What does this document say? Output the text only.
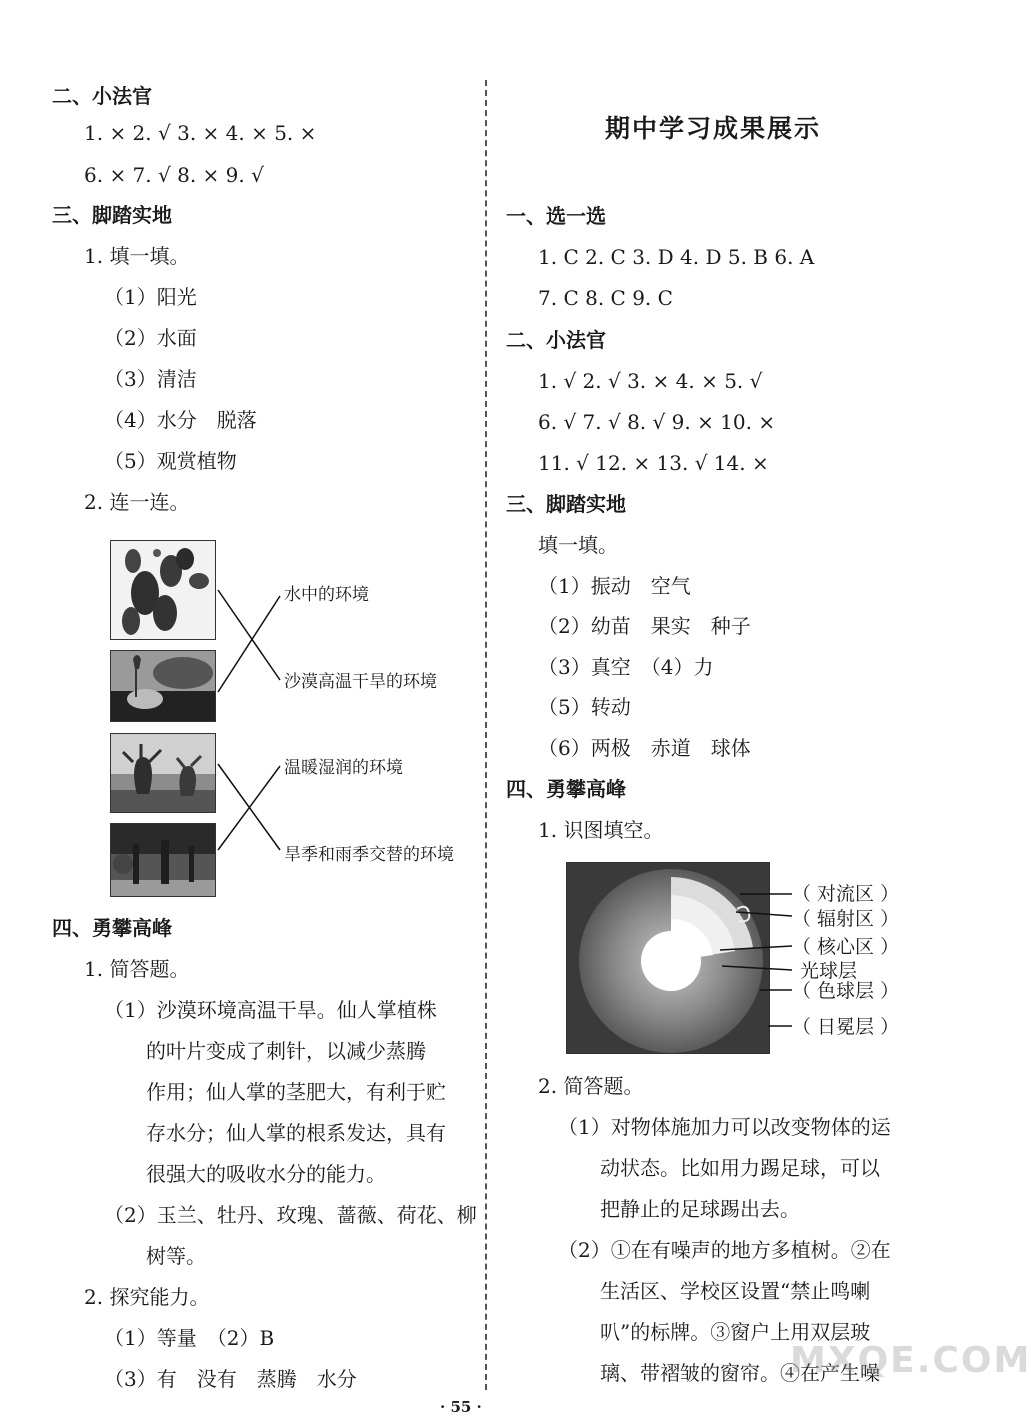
二、小法官
1. × 2. √ 3. × 4. × 5. ×
6. × 7. √ 8. × 9. √
三、脚踏实地
1. 填一填。
（1）阳光
（2）水面
（3）清洁
（4）水分　脱落
（5）观赏植物
2. 连一连。
水中的环境
沙漠高温干旱的环境
温暖湿润的环境
旱季和雨季交替的环境
四、勇攀高峰
1. 简答题。
（1）沙漠环境高温干旱。仙人掌植株
的叶片变成了刺针，以减少蒸腾
作用；仙人掌的茎肥大，有利于贮
存水分；仙人掌的根系发达，具有
很强大的吸收水分的能力。
（2）玉兰、牡丹、玫瑰、蔷薇、荷花、柳
树等。
2. 探究能力。
（1）等量　（2）B
（3）有　没有　蒸腾　水分
期中学习成果展示
一、选一选
1. C 2. C 3. D 4. D 5. B 6. A
7. C 8. C 9. C
二、小法官
1. √ 2. √ 3. × 4. × 5. √
6. √ 7. √ 8. √ 9. × 10. ×
11. √ 12. × 13. √ 14. ×
三、脚踏实地
填一填。
（1）振动　空气
（2）幼苗　果实　种子
（3）真空　（4）力
（5）转动
（6）两极　赤道　球体
四、勇攀高峰
1. 识图填空。
（ 对流区 ）
（ 辐射区 ）
（ 核心区 ）
光球层
（ 色球层 ）
（ 日冕层 ）
2. 简答题。
（1）对物体施加力可以改变物体的运
动状态。比如用力踢足球，可以
把静止的足球踢出去。
（2）①在有噪声的地方多植树。②在
生活区、学校区设置“禁止鸣喇
叭”的标牌。③窗户上用双层玻
璃、带褶皱的窗帘。④在产生噪
MXQE.COM
· 55 ·
